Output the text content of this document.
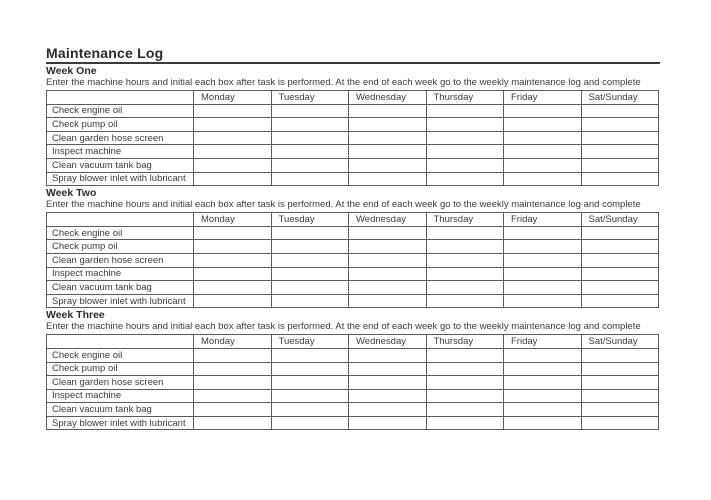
Maintenance Log
Week One

Enter the machine hours and initial each box after task is performed. At the end of each week go to the weekly maintenance log and complete

	Monday	Tuesday	Wednesday	Thursday	Friday	Sat/Sunday
Check engine oil						
Check pump oil						
Clean garden hose screen						
Inspect machine						
Clean vacuum tank bag						
Spray blower inlet with lubricant						
Week Two

Enter the machine hours and initial each box after task is performed. At the end of each week go to the weekly maintenance log and complete

	Monday	Tuesday	Wednesday	Thursday	Friday	Sat/Sunday
Check engine oil						
Check pump oil						
Clean garden hose screen						
Inspect machine						
Clean vacuum tank bag						
Spray blower inlet with lubricant						
Week Three

Enter the machine hours and initial each box after task is performed. At the end of each week go to the weekly maintenance log and complete

	Monday	Tuesday	Wednesday	Thursday	Friday	Sat/Sunday
Check engine oil						
Check pump oil						
Clean garden hose screen						
Inspect machine						
Clean vacuum tank bag						
Spray blower inlet with lubricant						
